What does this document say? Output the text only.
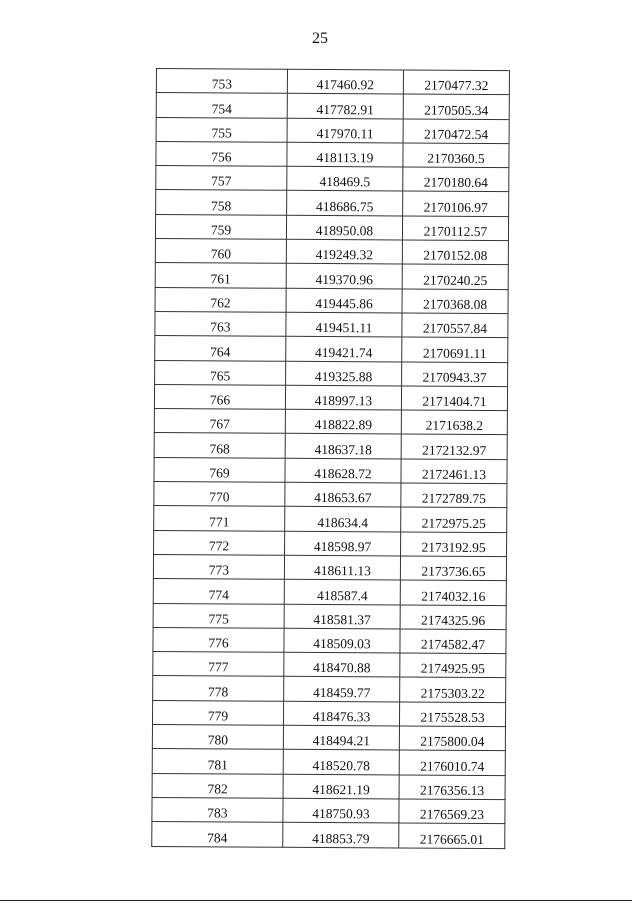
25
753	417460.92	2170477.32
754	417782.91	2170505.34
755	417970.11	2170472.54
756	418113.19	2170360.5
757	418469.5	2170180.64
758	418686.75	2170106.97
759	418950.08	2170112.57
760	419249.32	2170152.08
761	419370.96	2170240.25
762	419445.86	2170368.08
763	419451.11	2170557.84
764	419421.74	2170691.11
765	419325.88	2170943.37
766	418997.13	2171404.71
767	418822.89	2171638.2
768	418637.18	2172132.97
769	418628.72	2172461.13
770	418653.67	2172789.75
771	418634.4	2172975.25
772	418598.97	2173192.95
773	418611.13	2173736.65
774	418587.4	2174032.16
775	418581.37	2174325.96
776	418509.03	2174582.47
777	418470.88	2174925.95
778	418459.77	2175303.22
779	418476.33	2175528.53
780	418494.21	2175800.04
781	418520.78	2176010.74
782	418621.19	2176356.13
783	418750.93	2176569.23
784	418853.79	2176665.01
